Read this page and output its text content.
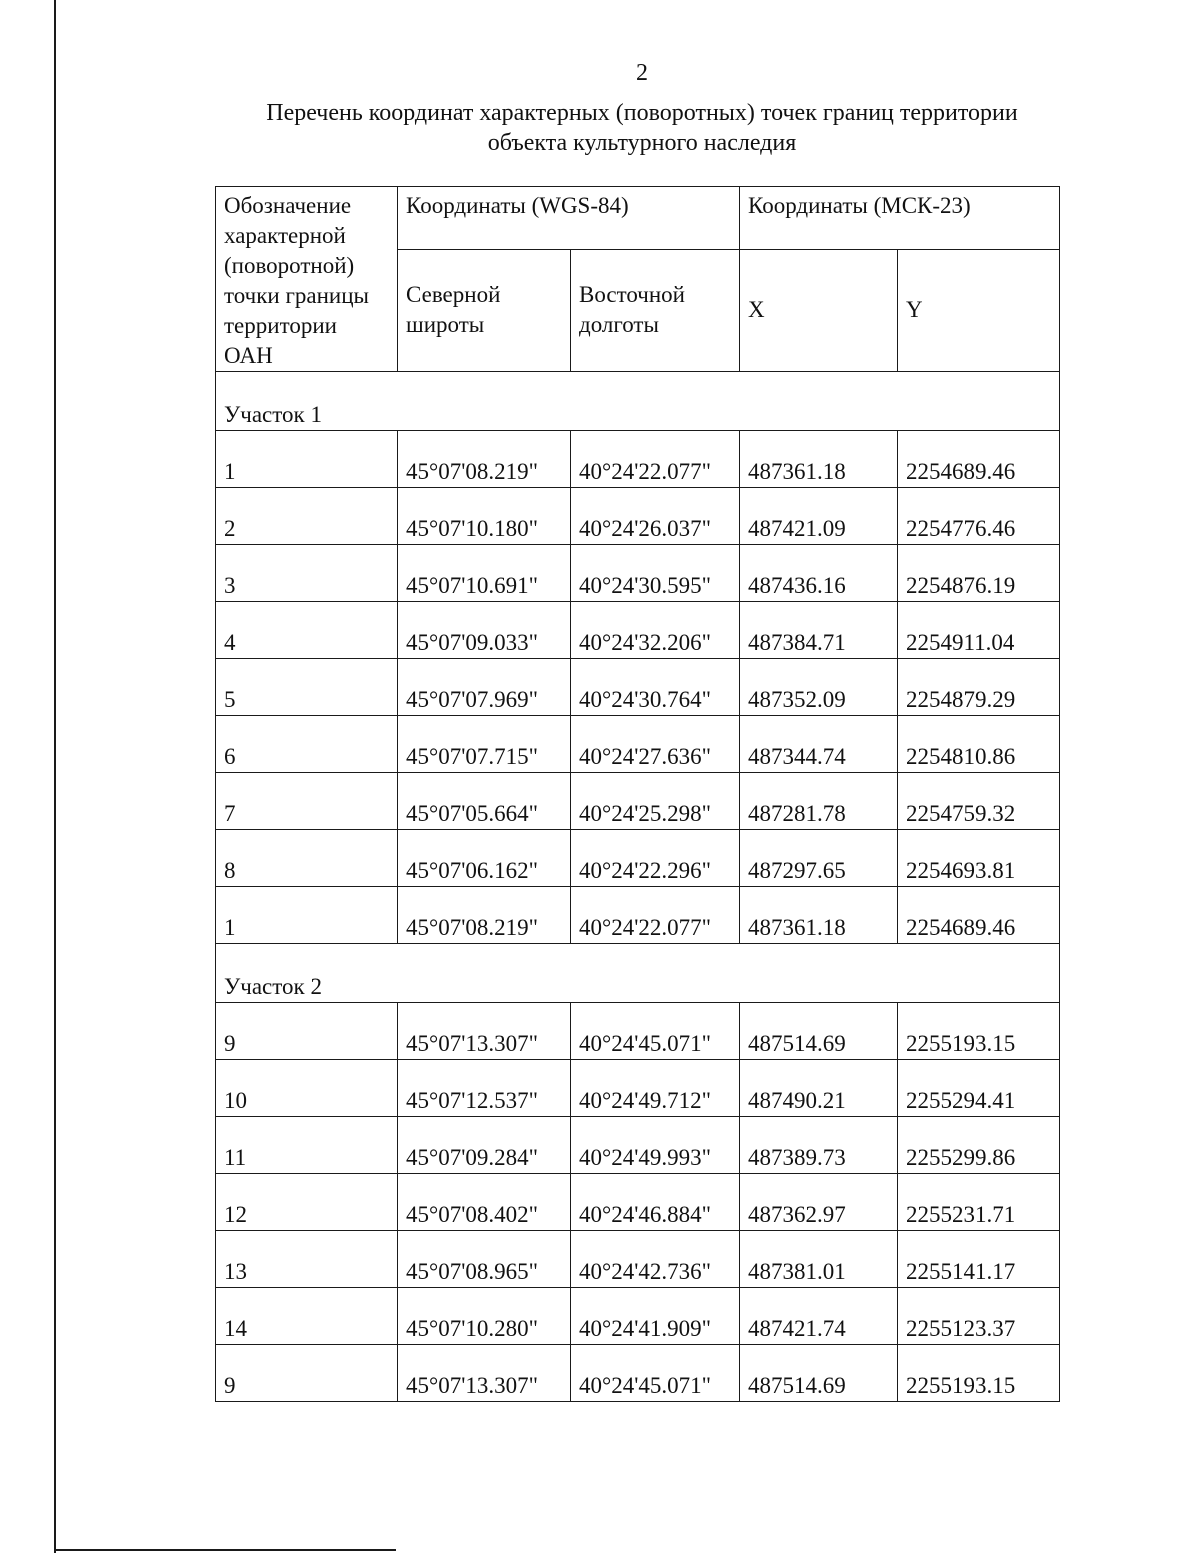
2
Перечень координат характерных (поворотных) точек границ территории
объекта культурного наследия
Обозначение характерной (поворотной) точки границы территории ОАН	Координаты (WGS-84)		Координаты (МСК-23)	
	Северной широты	Восточной долготы	X	Y
Участок 1				
1	45°07'08.219"	40°24'22.077"	487361.18	2254689.46
2	45°07'10.180"	40°24'26.037"	487421.09	2254776.46
3	45°07'10.691"	40°24'30.595"	487436.16	2254876.19
4	45°07'09.033"	40°24'32.206"	487384.71	2254911.04
5	45°07'07.969"	40°24'30.764"	487352.09	2254879.29
6	45°07'07.715"	40°24'27.636"	487344.74	2254810.86
7	45°07'05.664"	40°24'25.298"	487281.78	2254759.32
8	45°07'06.162"	40°24'22.296"	487297.65	2254693.81
1	45°07'08.219"	40°24'22.077"	487361.18	2254689.46
Участок 2				
9	45°07'13.307"	40°24'45.071"	487514.69	2255193.15
10	45°07'12.537"	40°24'49.712"	487490.21	2255294.41
11	45°07'09.284"	40°24'49.993"	487389.73	2255299.86
12	45°07'08.402"	40°24'46.884"	487362.97	2255231.71
13	45°07'08.965"	40°24'42.736"	487381.01	2255141.17
14	45°07'10.280"	40°24'41.909"	487421.74	2255123.37
9	45°07'13.307"	40°24'45.071"	487514.69	2255193.15
